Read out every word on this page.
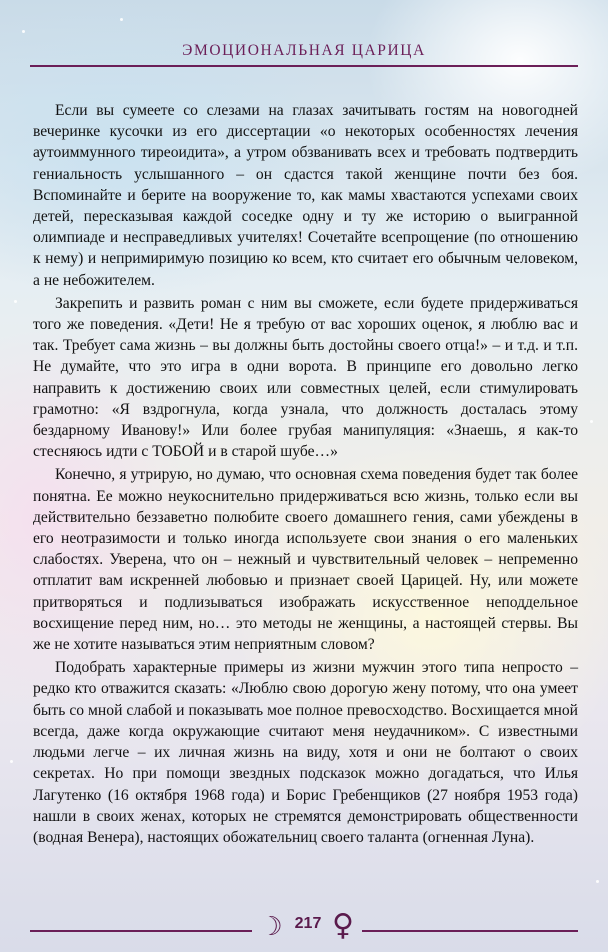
ЭМОЦИОНАЛЬНАЯ ЦАРИЦА

Если вы сумеете со слезами на глазах зачитывать гостям на новогодней вечеринке кусочки из его диссертации «о некоторых особенностях лечения аутоиммунного тиреоидита», а утром обзванивать всех и требовать подтвердить гениальность услышанного – он сдастся такой женщине почти без боя. Вспоминайте и берите на вооружение то, как мамы хвастаются успехами своих детей, пересказывая каждой соседке одну и ту же историю о выигранной олимпиаде и несправедливых учителях! Сочетайте всепрощение (по отношению к нему) и непримиримую позицию ко всем, кто считает его обычным человеком, а не небожителем.

Закрепить и развить роман с ним вы сможете, если будете придерживаться того же поведения. «Дети! Не я требую от вас хороших оценок, я люблю вас и так. Требует сама жизнь – вы должны быть достойны своего отца!» – и т.д. и т.п. Не думайте, что это игра в одни ворота. В принципе его довольно легко направить к достижению своих или совместных целей, если стимулировать грамотно: «Я вздрогнула, когда узнала, что должность досталась этому бездарному Иванову!» Или более грубая манипуляция: «Знаешь, я как-то стесняюсь идти с ТОБОЙ и в старой шубе…»

Конечно, я утрирую, но думаю, что основная схема поведения будет так более понятна. Ее можно неукоснительно придерживаться всю жизнь, только если вы действительно беззаветно полюбите своего домашнего гения, сами убеждены в его неотразимости и только иногда используете свои знания о его маленьких слабостях. Уверена, что он – нежный и чувствительный человек – непременно отплатит вам искренней любовью и признает своей Царицей. Ну, или можете притворяться и подлизываться изображать искусственное неподдельное восхищение перед ним, но… это методы не женщины, а настоящей стервы. Вы же не хотите называться этим неприятным словом?

Подобрать характерные примеры из жизни мужчин этого типа непросто – редко кто отважится сказать: «Люблю свою дорогую жену потому, что она умеет быть со мной слабой и показывать мое полное превосходство. Восхищается мной всегда, даже когда окружающие считают меня неудачником». С известными людьми легче – их личная жизнь на виду, хотя и они не болтают о своих секретах. Но при помощи звездных подсказок можно догадаться, что Илья Лагутенко (16 октября 1968 года) и Борис Гребенщиков (27 ноября 1953 года) нашли в своих женах, которых не стремятся демонстрировать общественности (водная Венера), настоящих обожательниц своего таланта (огненная Луна).

☽ 217 ♀
